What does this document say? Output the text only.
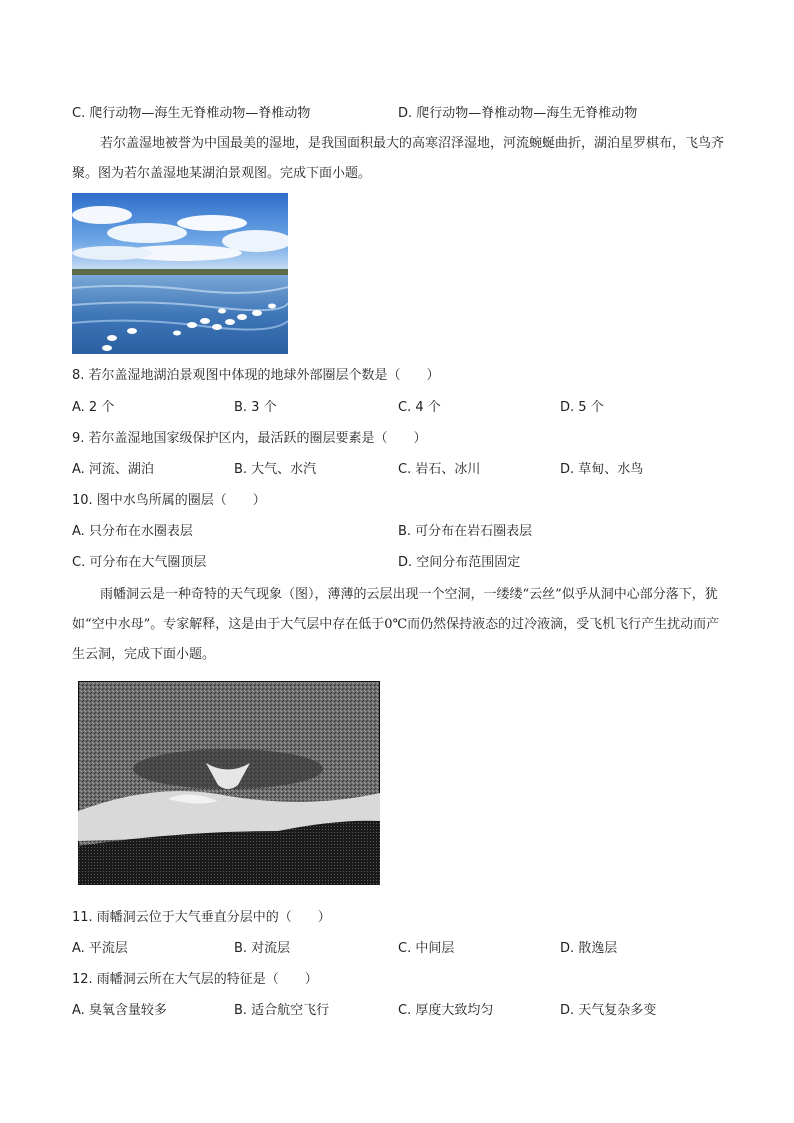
C. 爬行动物—海生无脊椎动物—脊椎动物	D. 爬行动物—脊椎动物—海生无脊椎动物
若尔盖湿地被誉为中国最美的湿地，是我国面积最大的高寒沼泽湿地，河流蜿蜒曲折，湖泊星罗棋布，飞鸟齐聚。图为若尔盖湿地某湖泊景观图。完成下面小题。
8. 若尔盖湿地湖泊景观图中体现的地球外部圈层个数是（　　）
A. 2 个	B. 3 个	C. 4 个	D. 5 个
9. 若尔盖湿地国家级保护区内，最活跃的圈层要素是（　　）
A. 河流、湖泊	B. 大气、水汽	C. 岩石、冰川	D. 草甸、水鸟
10. 图中水鸟所属的圈层（　　）
A. 只分布在水圈表层	B. 可分布在岩石圈表层
C. 可分布在大气圈顶层	D. 空间分布范围固定
雨幡洞云是一种奇特的天气现象（图），薄薄的云层出现一个空洞，一缕缕“云丝”似乎从洞中心部分落下，犹如“空中水母”。专家解释，这是由于大气层中存在低于0℃而仍然保持液态的过冷液滴，受飞机飞行产生扰动而产生云洞，完成下面小题。
11. 雨幡洞云位于大气垂直分层中的（　　）
A. 平流层	B. 对流层	C. 中间层	D. 散逸层
12. 雨幡洞云所在大气层的特征是（　　）
A. 臭氧含量较多	B. 适合航空飞行	C. 厚度大致均匀	D. 天气复杂多变
